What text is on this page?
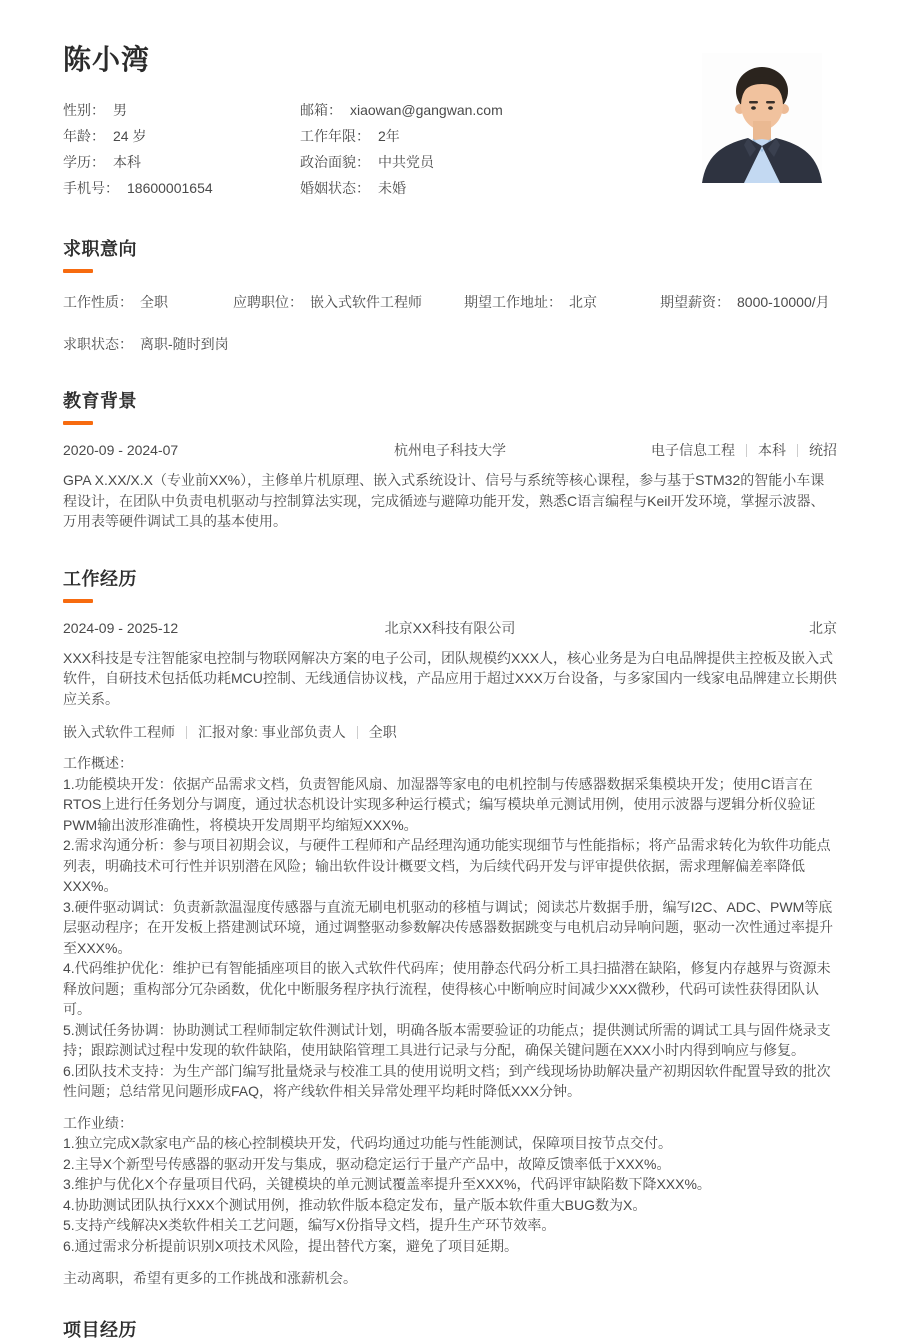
陈小湾
性别： 男
年龄： 24 岁
学历： 本科
手机号： 18600001654
邮箱： xiaowan@gangwan.com
工作年限： 2年
政治面貌： 中共党员
婚姻状态： 未婚
求职意向
工作性质： 全职	应聘职位： 嵌入式软件工程师	期望工作地址： 北京	期望薪资： 8000-10000/月
求职状态： 离职-随时到岗
教育背景
2020-09 - 2024-07	杭州电子科技大学	电子信息工程 本科 统招

GPA X.XX/X.X（专业前XX%），主修单片机原理、嵌入式系统设计、信号与系统等核心课程，参与基于STM32的智能小车课程设计，在团队中负责电机驱动与控制算法实现，完成循迹与避障功能开发，熟悉C语言编程与Keil开发环境，掌握示波器、万用表等硬件调试工具的基本使用。

工作经历
2024-09 - 2025-12	北京XX科技有限公司	北京

XXX科技是专注智能家电控制与物联网解决方案的电子公司，团队规模约XXX人，核心业务是为白电品牌提供主控板及嵌入式软件，自研技术包括低功耗MCU控制、无线通信协议栈，产品应用于超过XXX万台设备，与多家国内一线家电品牌建立长期供应关系。

嵌入式软件工程师 汇报对象: 事业部负责人 全职
工作概述：
1.功能模块开发：依据产品需求文档，负责智能风扇、加湿器等家电的电机控制与传感器数据采集模块开发；使用C语言在RTOS上进行任务划分与调度，通过状态机设计实现多种运行模式；编写模块单元测试用例，使用示波器与逻辑分析仪验证PWM输出波形准确性，将模块开发周期平均缩短XXX%。
2.需求沟通分析：参与项目初期会议，与硬件工程师和产品经理沟通功能实现细节与性能指标；将产品需求转化为软件功能点列表，明确技术可行性并识别潜在风险；输出软件设计概要文档，为后续代码开发与评审提供依据，需求理解偏差率降低XXX%。
3.硬件驱动调试：负责新款温湿度传感器与直流无刷电机驱动的移植与调试；阅读芯片数据手册，编写I2C、ADC、PWM等底层驱动程序；在开发板上搭建测试环境，通过调整驱动参数解决传感器数据跳变与电机启动异响问题，驱动一次性通过率提升至XXX%。
4.代码维护优化：维护已有智能插座项目的嵌入式软件代码库；使用静态代码分析工具扫描潜在缺陷，修复内存越界与资源未释放问题；重构部分冗杂函数，优化中断服务程序执行流程，使得核心中断响应时间减少XXX微秒，代码可读性获得团队认可。
5.测试任务协调：协助测试工程师制定软件测试计划，明确各版本需要验证的功能点；提供测试所需的调试工具与固件烧录支持；跟踪测试过程中发现的软件缺陷，使用缺陷管理工具进行记录与分配，确保关键问题在XXX小时内得到响应与修复。
6.团队技术支持：为生产部门编写批量烧录与校准工具的使用说明文档；到产线现场协助解决量产初期因软件配置导致的批次性问题；总结常见问题形成FAQ，将产线软件相关异常处理平均耗时降低XXX分钟。
工作业绩：
1.独立完成X款家电产品的核心控制模块开发，代码均通过功能与性能测试，保障项目按节点交付。
2.主导X个新型号传感器的驱动开发与集成，驱动稳定运行于量产产品中，故障反馈率低于XXX%。
3.维护与优化X个存量项目代码，关键模块的单元测试覆盖率提升至XXX%，代码评审缺陷数下降XXX%。
4.协助测试团队执行XXX个测试用例，推动软件版本稳定发布，量产版本软件重大BUG数为X。
5.支持产线解决X类软件相关工艺问题，编写X份指导文档，提升生产环节效率。
6.通过需求分析提前识别X项技术风险，提出替代方案，避免了项目延期。

主动离职，希望有更多的工作挑战和涨薪机会。

项目经历
